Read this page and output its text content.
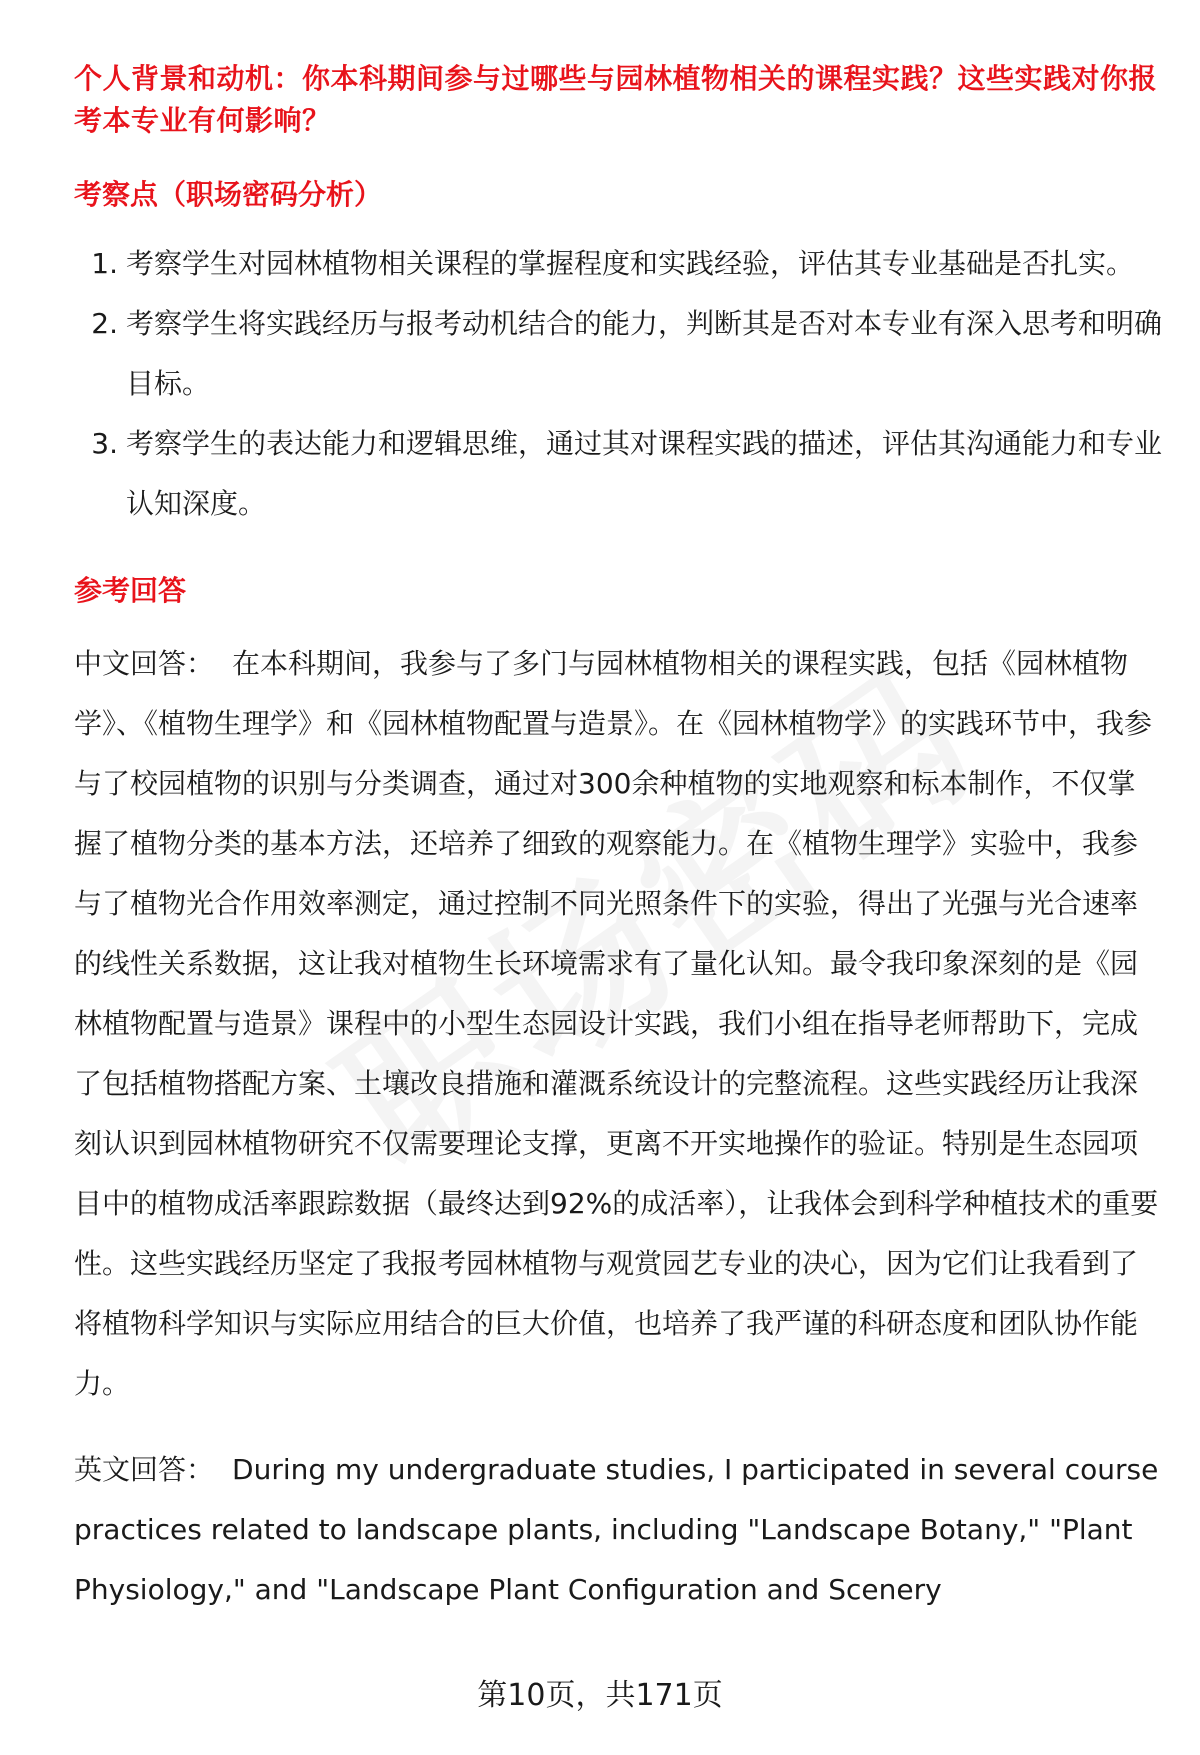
个人背景和动机：你本科期间参与过哪些与园林植物相关的课程实践？这些实践对你报考本专业有何影响？

考察点（职场密码分析）

1. 考察学生对园林植物相关课程的掌握程度和实践经验，评估其专业基础是否扎实。
2. 考察学生将实践经历与报考动机结合的能力，判断其是否对本专业有深入思考和明确目标。
3. 考察学生的表达能力和逻辑思维，通过其对课程实践的描述，评估其沟通能力和专业认知深度。

参考回答

中文回答： 在本科期间，我参与了多门与园林植物相关的课程实践，包括《园林植物学》、《植物生理学》和《园林植物配置与造景》。在《园林植物学》的实践环节中，我参与了校园植物的识别与分类调查，通过对300余种植物的实地观察和标本制作，不仅掌握了植物分类的基本方法，还培养了细致的观察能力。在《植物生理学》实验中，我参与了植物光合作用效率测定，通过控制不同光照条件下的实验，得出了光强与光合速率的线性关系数据，这让我对植物生长环境需求有了量化认知。最令我印象深刻的是《园林植物配置与造景》课程中的小型生态园设计实践，我们小组在指导老师帮助下，完成了包括植物搭配方案、土壤改良措施和灌溉系统设计的完整流程。这些实践经历让我深刻认识到园林植物研究不仅需要理论支撑，更离不开实地操作的验证。特别是生态园项目中的植物成活率跟踪数据（最终达到92%的成活率），让我体会到科学种植技术的重要性。这些实践经历坚定了我报考园林植物与观赏园艺专业的决心，因为它们让我看到了将植物科学知识与实际应用结合的巨大价值，也培养了我严谨的科研态度和团队协作能力。

英文回答： During my undergraduate studies, I participated in several course practices related to landscape plants, including "Landscape Botany," "Plant Physiology," and "Landscape Plant Configuration and Scenery

第10页，共171页
